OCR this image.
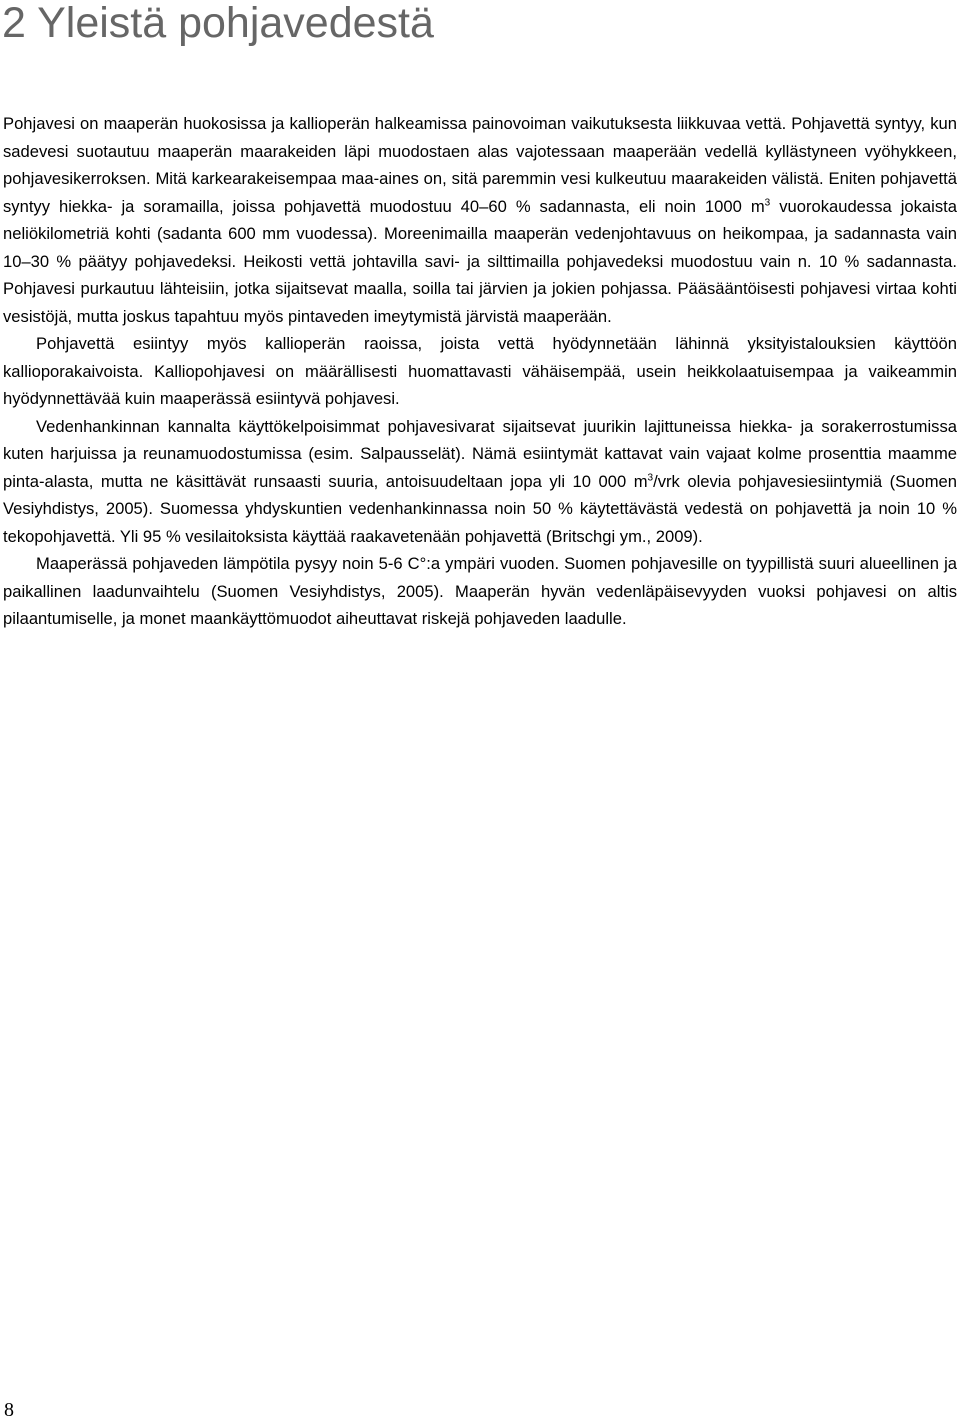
2 Yleistä pohjavedestä

Pohjavesi on maaperän huokosissa ja kallioperän halkeamissa painovoiman vaikutuksesta liikkuvaa vettä. Pohjavettä syntyy, kun sadevesi suotautuu maaperän maarakeiden läpi muodostaen alas vajotessaan maaperään vedellä kyllästyneen vyöhykkeen, pohjavesikerroksen. Mitä karkearakeisempaa maa-aines on, sitä paremmin vesi kulkeutuu maarakeiden välistä. Eniten pohjavettä syntyy hiekka- ja soramailla, joissa pohjavettä muodostuu 40–60 % sadannasta, eli noin 1000 $m^3$ vuorokaudessa jokaista neliökilometriä kohti (sadanta 600 mm vuodessa). Moreenimailla maaperän vedenjohtavuus on heikompaa, ja sadannasta vain 10–30 % päätyy pohjavedeksi. Heikosti vettä johtavilla savi- ja silttimailla pohjavedeksi muodostuu vain n. 10 % sadannasta. Pohjavesi purkautuu lähteisiin, jotka sijaitsevat maalla, soilla tai järvien ja jokien pohjassa. Pääsääntöisesti pohjavesi virtaa kohti vesistöjä, mutta joskus tapahtuu myös pintaveden imeytymistä järvistä maaperään.

Pohjavettä esiintyy myös kallioperän raoissa, joista vettä hyödynnetään lähinnä yksityistalouksien käyttöön kallioporakaivoista. Kalliopohjavesi on määrällisesti huomattavasti vähäisempää, usein heikkolaatuisempaa ja vaikeammin hyödynnettävää kuin maaperässä esiintyvä pohjavesi.

Vedenhankinnan kannalta käyttökelpoisimmat pohjavesivarat sijaitsevat juurikin lajittuneissa hiekka- ja sorakerrostumissa kuten harjuissa ja reunamuodostumissa (esim. Salpausselät). Nämä esiintymät kattavat vain vajaat kolme prosenttia maamme pinta-alasta, mutta ne käsittävät runsaasti suuria, antoisuudeltaan jopa yli 10 000 $m^3$/vrk olevia pohjavesiesiintymiä (Suomen Vesiyhdistys, 2005). Suomessa yhdyskuntien vedenhankinnassa noin 50 % käytettävästä vedestä on pohjavettä ja noin 10 % tekopohjavettä. Yli 95 % vesilaitoksista käyttää raakavetenään pohjavettä (Britschgi ym., 2009).

Maaperässä pohjaveden lämpötila pysyy noin 5-6 C°:a ympäri vuoden. Suomen pohjavesille on tyypillistä suuri alueellinen ja paikallinen laadunvaihtelu (Suomen Vesiyhdistys, 2005). Maaperän hyvän vedenläpäisevyyden vuoksi pohjavesi on altis pilaantumiselle, ja monet maankäyttömuodot aiheuttavat riskejä pohjaveden laadulle.

8
